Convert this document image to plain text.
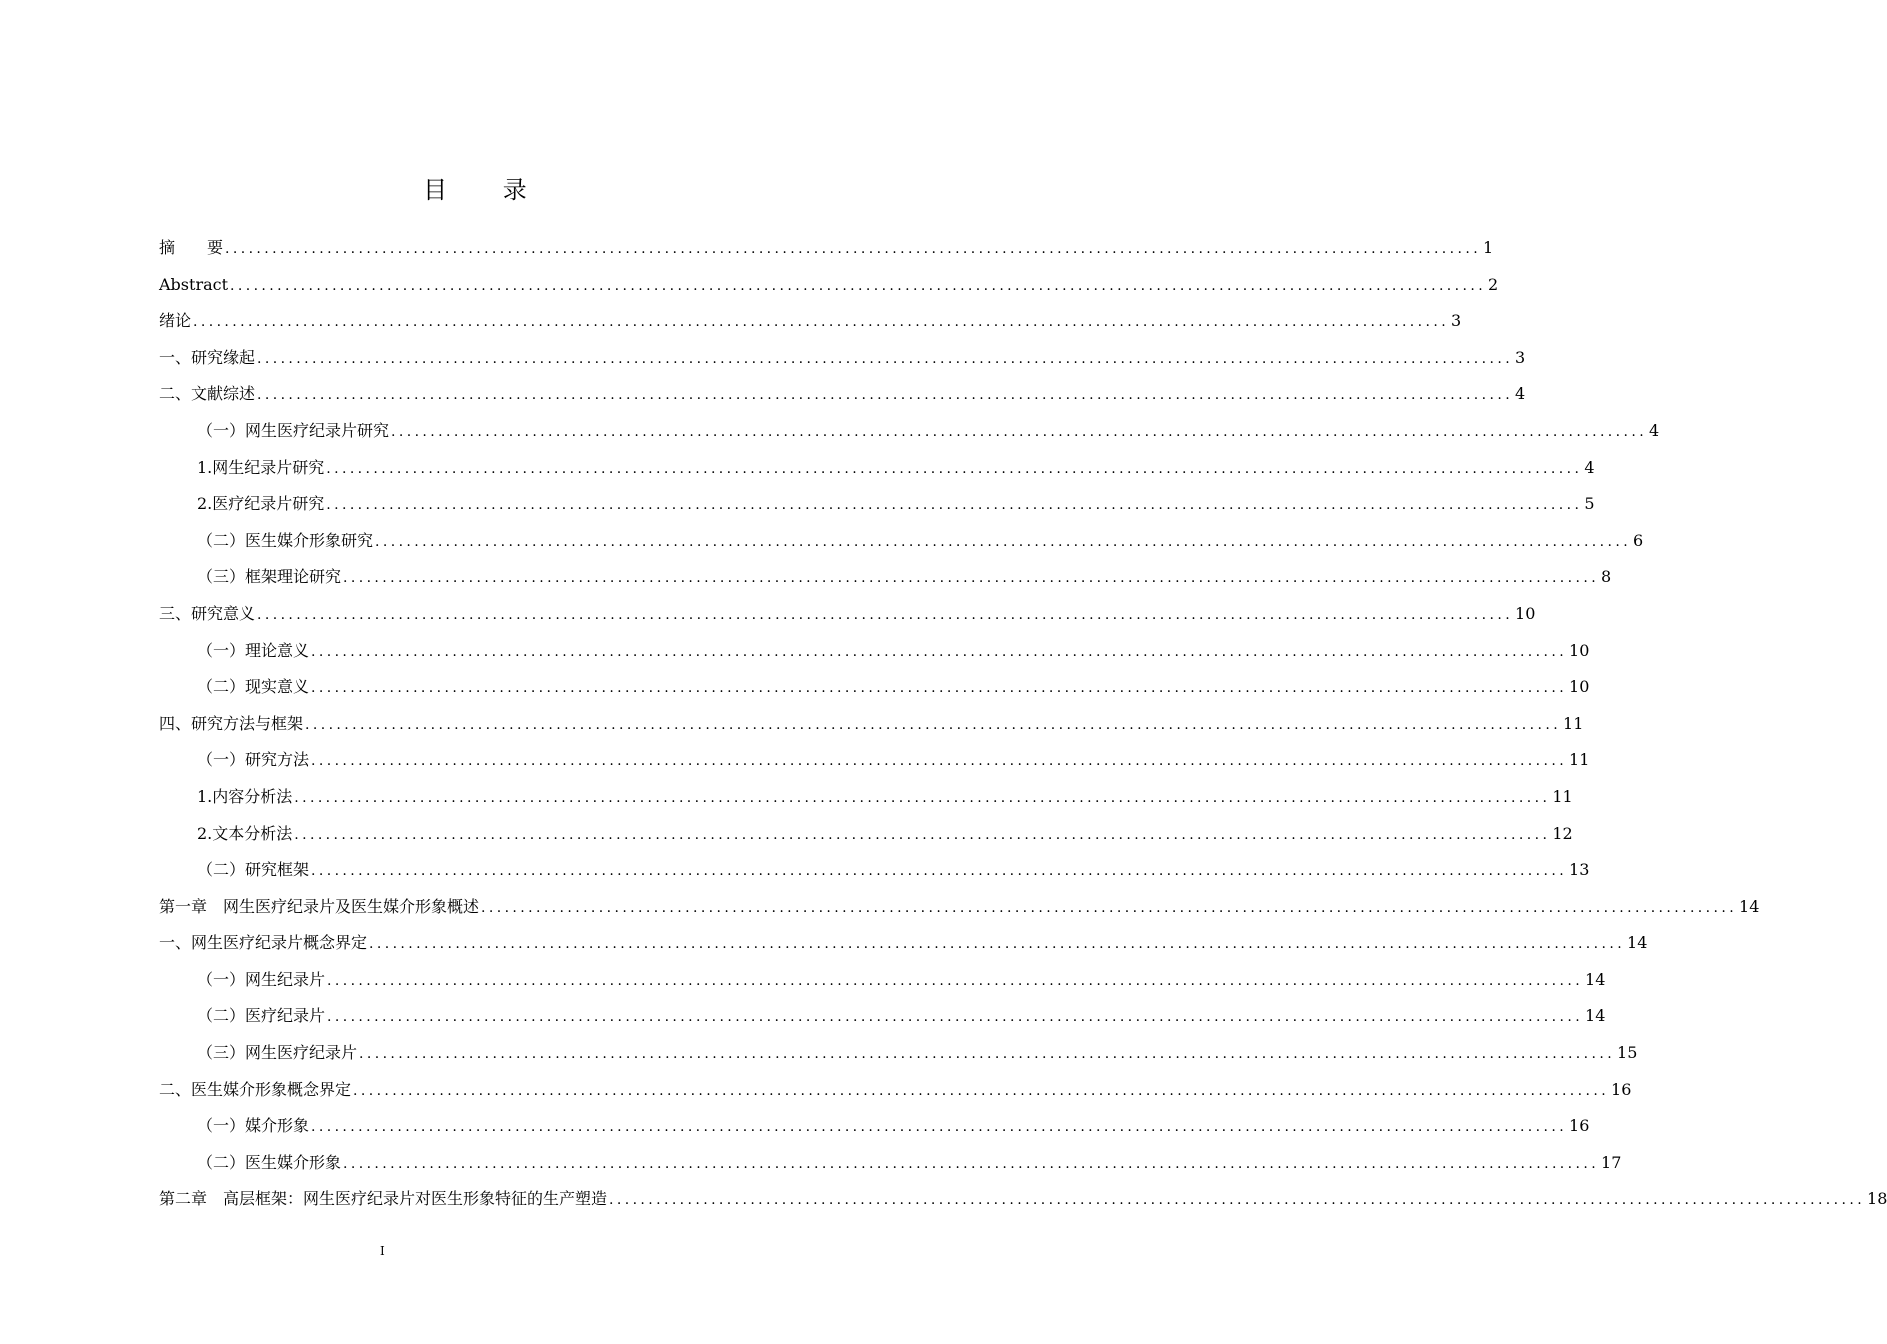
目 录
摘　　要 ................................................................................................................................................................ 1
Abstract ................................................................................................................................................................ 2
绪论 ................................................................................................................................................................ 3
一、研究缘起 ................................................................................................................................................................ 3
二、文献综述 ................................................................................................................................................................ 4
（一）网生医疗纪录片研究 ................................................................................................................................................................ 4
1.网生纪录片研究 ................................................................................................................................................................ 4
2.医疗纪录片研究 ................................................................................................................................................................ 5
（二）医生媒介形象研究 ................................................................................................................................................................ 6
（三）框架理论研究 ................................................................................................................................................................ 8
三、研究意义 ................................................................................................................................................................ 10
（一）理论意义 ................................................................................................................................................................ 10
（二）现实意义 ................................................................................................................................................................ 10
四、研究方法与框架 ................................................................................................................................................................ 11
（一）研究方法 ................................................................................................................................................................ 11
1.内容分析法 ................................................................................................................................................................ 11
2.文本分析法 ................................................................................................................................................................ 12
（二）研究框架 ................................................................................................................................................................ 13
第一章　网生医疗纪录片及医生媒介形象概述 ................................................................................................................................................................ 14
一、网生医疗纪录片概念界定 ................................................................................................................................................................ 14
（一）网生纪录片 ................................................................................................................................................................ 14
（二）医疗纪录片 ................................................................................................................................................................ 14
（三）网生医疗纪录片 ................................................................................................................................................................ 15
二、医生媒介形象概念界定 ................................................................................................................................................................ 16
（一）媒介形象 ................................................................................................................................................................ 16
（二）医生媒介形象 ................................................................................................................................................................ 17
第二章　高层框架：网生医疗纪录片对医生形象特征的生产塑造 ................................................................................................................................................................ 18
I
